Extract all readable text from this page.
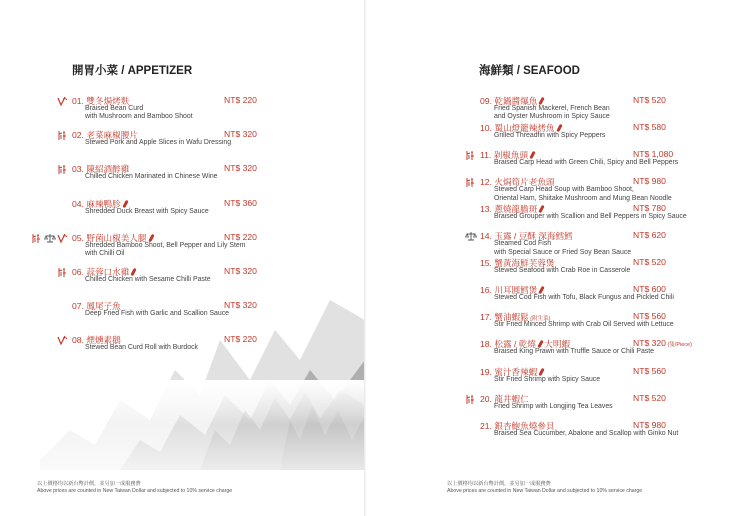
開胃小菜 / APPETIZER
01. 雙冬焗烤麩	NT$ 220
Braised Bean Curd
with Mushroom and Bamboo Shoot
02. 老菜麻椒腰片	NT$ 320
Stewed Pork and Apple Slices in Wafu Dressing
03. 陳紹酒醉雞	NT$ 320
Chilled Chicken Marinated in Chinese Wine
04. 麻辣鴨胗	NT$ 360
Shredded Duck Breast with Spicy Sauce
05. 野菌山椒美人腿	NT$ 220
Shredded Bamboo Shoot, Bell Pepper and Lily Stem
with Chilli Oil
06. 蒜蓉口水雞	NT$ 320
Chilled Chicken with Sesame Chilli Paste
07. 鳳尾子魚	NT$ 320
Deep Fried Fish with Garlic and Scallion Sauce
08. 煙燻素鵝	NT$ 220
Stewed Bean Curd Roll with Burdock
以上價格均以新台幣計價，並另加一成服務費
Above prices are counted in New Taiwan Dollar and subjected to 10% service charge
海鮮類 / SEAFOOD
09. 乾鍋醬爆魚	NT$ 520
Fried Spanish Mackerel, French Bean
and Oyster Mushroom in Spicy Sauce
10. 蜀山燈籠辣烤魚	NT$ 580
Grilled Threadfin with Spicy Peppers
11. 剁椒魚頭	NT$ 1,080
Braised Carp Head with Green Chili, Spicy and Bell Peppers
12. 火焗筍片老魚頭	NT$ 980
Stewed Carp Head Soup with Bamboo Shoot,
Oriental Ham, Shiitake Mushroom and Mung Bean Noodle
13. 蔥燒龍膽斑	NT$ 780
Braised Grouper with Scallion and Bell Peppers in Spicy Sauce
14. 玉露 / 豆酥 深海鱈鱈	NT$ 620
Steamed Cod Fish
with Special Sauce or Fried Soy Bean Sauce
15. 蟹黃海鮮芙蓉煲	NT$ 520
Stewed Seafood with Crab Roe in Casserole
16. 川耳圓鱈煲	NT$ 600
Stewed Cod Fish with Tofu, Black Fungus and Pickled Chili
17. 蟹油蝦鬆 (附生菜)	NT$ 560
Stir Fried Minced Shrimp with Crab Oil Served with Lettuce
18. 松露 / 乾燒 大明蝦	NT$ 320 (隻/Piece)
Braised King Prawn with Truffle Sauce or Chili Paste
19. 蜜汁香辣蝦	NT$ 560
Stir Fried Shrimp with Spicy Sauce
20. 龍井蝦仁	NT$ 520
Fried Shrimp with Longjing Tea Leaves
21. 銀杏鮑魚燒參貝	NT$ 980
Braised Sea Cucumber, Abalone and Scallop with Ginko Nut
以上價格均以新台幣計價，並另加一成服務費
Above prices are counted in New Taiwan Dollar and subjected to 10% service charge
